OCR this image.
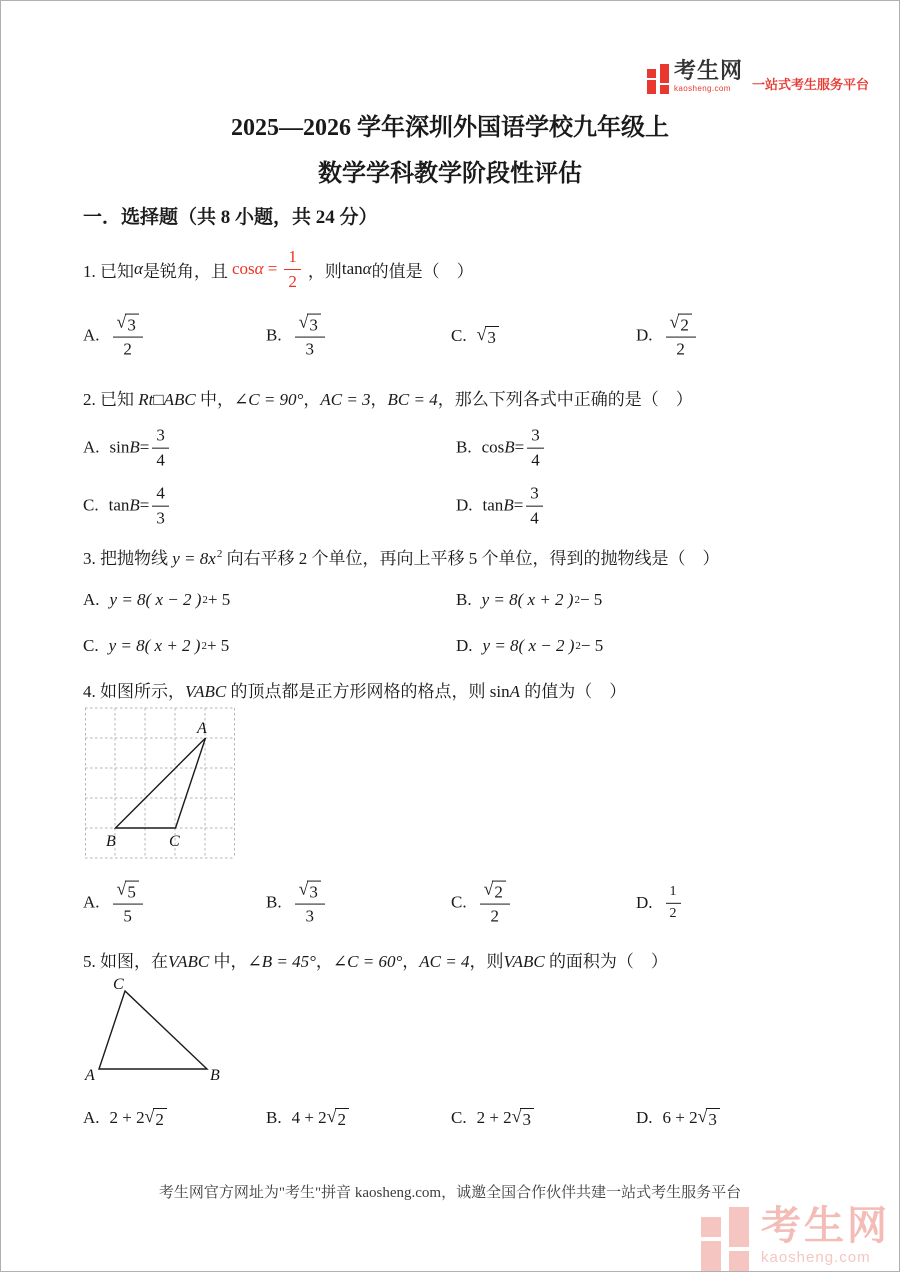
考生网
kaosheng.com	一站式考生服务平台
2025—2026 学年深圳外国语学校九年级上
数学学科教学阶段性评估
一．选择题（共 8 小题，共 24 分）
1. 已知 α 是锐角，且 $\cos\alpha = \frac{1}{2}$ ，则 tan α 的值是（　）
A. $\frac{√ 3}{2}$	B. $\frac{√ 3}{3}$	C. √ 3	D. $\frac{√ 2}{2}$
2. 已知 Rt□ABC 中，∠C = 90°，AC = 3，BC = 4，那么下列各式中正确的是（　）
A. $\sin B = \frac{3}{4}$	B. $\cos B = \frac{3}{4}$
C. $\tan B = \frac{4}{3}$	D. $\tan B = \frac{3}{4}$
3. 把抛物线 $y = 8x^2$ 向右平移 2 个单位，再向上平移 5 个单位，得到的抛物线是（　）
A. y = 8( x − 2 ) 2 + 5	B. y = 8( x + 2 ) 2 − 5
C. y = 8( x + 2 ) 2 + 5	D. y = 8( x − 2 ) 2 − 5
4. 如图所示，VABC 的顶点都是正方形网格的格点，则 sinA 的值为（　）
A
B	C
A. $\frac{√ 5}{5}$	B. $\frac{√ 3}{3}$	C. $\frac{√ 2}{2}$	D. $\frac{1}{2}$
5. 如图，在VABC 中，∠B = 45°，∠C = 60°，AC = 4，则VABC 的面积为（　）
C
A	B
A. 2 + 2 √ 2	B. 4 + 2 √ 2	C. 2 + 2 √ 3	D. 6 + 2 √ 3
考生网官方网址为"考生"拼音 kaosheng.com，诚邀全国合作伙伴共建一站式考生服务平台
考生网
kaosheng.com
